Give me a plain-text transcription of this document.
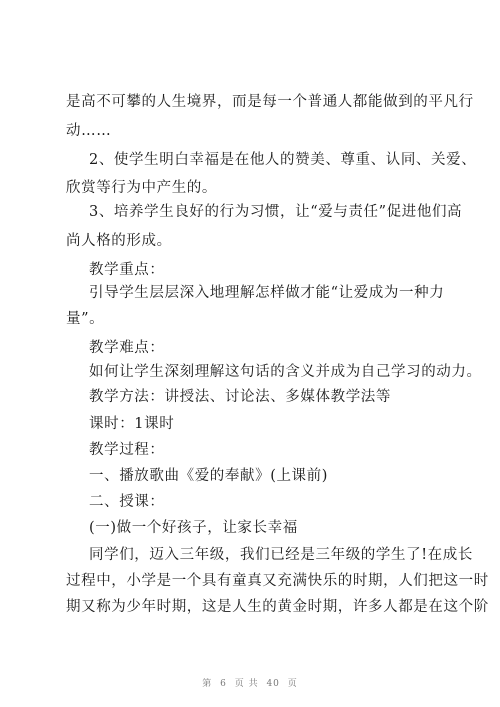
是高不可攀的人生境界，而是每一个普通人都能做到的平凡行
动……
2、使学生明白幸福是在他人的赞美、尊重、认同、关爱、
欣赏等行为中产生的。
3、培养学生良好的行为习惯，让“爱与责任”促进他们高
尚人格的形成。
教学重点：
引导学生层层深入地理解怎样做才能“让爱成为一种力
量”。
教学难点：
如何让学生深刻理解这句话的含义并成为自己学习的动力。
教学方法：讲授法、讨论法、多媒体教学法等
课时：1课时
教学过程：
一、播放歌曲《爱的奉献》(上课前)
二、授课：
(一)做一个好孩子，让家长幸福
同学们，迈入三年级，我们已经是三年级的学生了!在成长
过程中，小学是一个具有童真又充满快乐的时期，人们把这一时
期又称为少年时期，这是人生的黄金时期，许多人都是在这个阶
第 6 页 共 40 页
